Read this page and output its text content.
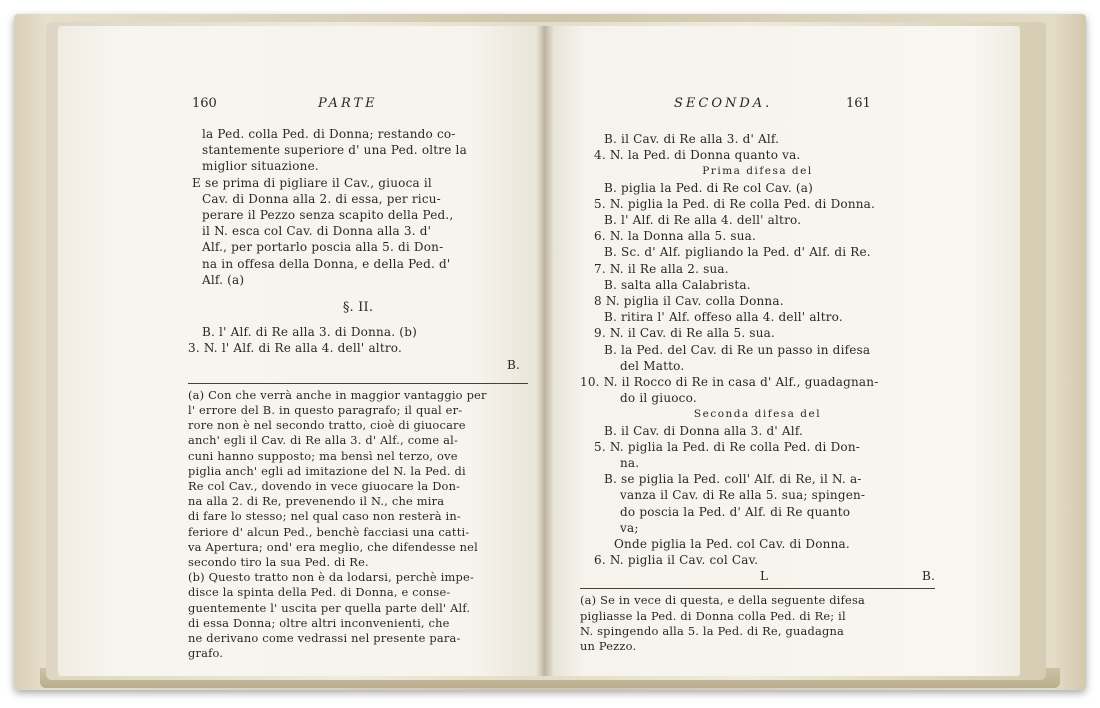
160	PARTE
la Ped. colla Ped. di Donna; restando co-
stantemente superiore d' una Ped. oltre la
miglior situazione.
E se prima di pigliare il Cav., giuoca il
Cav. di Donna alla 2. di essa, per ricu-
perare il Pezzo senza scapito della Ped.,
il N. esca col Cav. di Donna alla 3. d'
Alf., per portarlo poscia alla 5. di Don-
na in offesa della Donna, e della Ped. d'
Alf. (a)
§. II.
B. l' Alf. di Re alla 3. di Donna. (b)
3. N. l' Alf. di Re alla 4. dell' altro.
B.
(a) Con che verrà anche in maggior vantaggio per
l' errore del B. in questo paragrafo; il qual er-
rore non è nel secondo tratto, cioè di giuocare
anch' egli il Cav. di Re alla 3. d' Alf., come al-
cuni hanno supposto; ma bensì nel terzo, ove
piglia anch' egli ad imitazione del N. la Ped. di
Re col Cav., dovendo in vece giuocare la Don-
na alla 2. di Re, prevenendo il N., che mira
di fare lo stesso; nel qual caso non resterà in-
feriore d' alcun Ped., benchè facciasi una catti-
va Apertura; ond' era meglio, che difendesse nel
secondo tiro la sua Ped. di Re.
(b) Questo tratto non è da lodarsi, perchè impe-
disce la spinta della Ped. di Donna, e conse-
guentemente l' uscita per quella parte dell' Alf.
di essa Donna; oltre altri inconvenienti, che
ne derivano come vedrassi nel presente para-
grafo.
SECONDA.	161
B. il Cav. di Re alla 3. d' Alf.
4. N. la Ped. di Donna quanto va.
Prima difesa del
B. piglia la Ped. di Re col Cav. (a)
5. N. piglia la Ped. di Re colla Ped. di Donna.
B. l' Alf. di Re alla 4. dell' altro.
6. N. la Donna alla 5. sua.
B. Sc. d' Alf. pigliando la Ped. d' Alf. di Re.
7. N. il Re alla 2. sua.
B. salta alla Calabrista.
8 N. piglia il Cav. colla Donna.
B. ritira l' Alf. offeso alla 4. dell' altro.
9. N. il Cav. di Re alla 5. sua.
B. la Ped. del Cav. di Re un passo in difesa
del Matto.
10. N. il Rocco di Re in casa d' Alf., guadagnan-
do il giuoco.
Seconda difesa del
B. il Cav. di Donna alla 3. d' Alf.
5. N. piglia la Ped. di Re colla Ped. di Don-
na.
B. se piglia la Ped. coll' Alf. di Re, il N. a-
vanza il Cav. di Re alla 5. sua; spingen-
do poscia la Ped. d' Alf. di Re quanto
va;
Onde piglia la Ped. col Cav. di Donna.
6. N. piglia il Cav. col Cav.
L	B.
(a) Se in vece di questa, e della seguente difesa
pigliasse la Ped. di Donna colla Ped. di Re; il
N. spingendo alla 5. la Ped. di Re, guadagna
un Pezzo.
